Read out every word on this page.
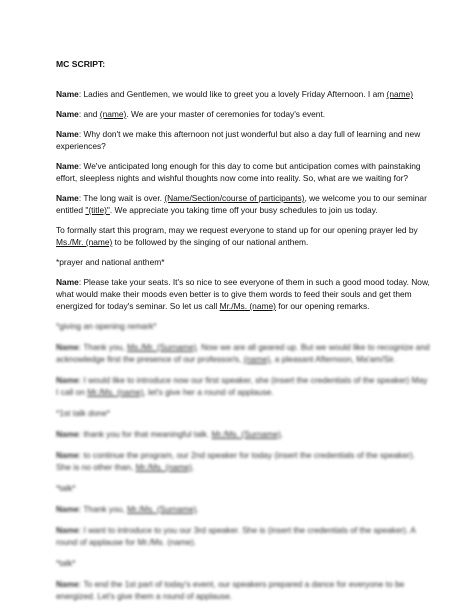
MC SCRIPT:
Name: Ladies and Gentlemen, we would like to greet you a lovely Friday Afternoon. I am (name)
Name: and (name). We are your master of ceremonies for today's event.
Name: Why don't we make this afternoon not just wonderful but also a day full of learning and new experiences?
Name: We've anticipated long enough for this day to come but anticipation comes with painstaking effort, sleepless nights and wishful thoughts now come into reality. So, what are we waiting for?
Name: The long wait is over. (Name/Section/course of participants), we welcome you to our seminar entitled "(title)". We appreciate you taking time off your busy schedules to join us today.
To formally start this program, may we request everyone to stand up for our opening prayer led by Ms./Mr. (name) to be followed by the singing of our national anthem.
*prayer and national anthem*
Name: Please take your seats. It's so nice to see everyone of them in such a good mood today. Now, what would make their moods even better is to give them words to feed their souls and get them energized for today's seminar. So let us call Mr./Ms. (name) for our opening remarks.
*giving an opening remark*
Name: Thank you, Ms./Mr. (Surname). Now we are all geared up. But we would like to recognize and acknowledge first the presence of our professor/s, (name), a pleasant Afternoon, Ma'am/Sir.
Name: I would like to introduce now our first speaker, she (insert the credentials of the speaker) May I call on Mr./Ms. (name), let's give her a round of applause.
*1st talk done*
Name: thank you for that meaningful talk. Mr./Ms. (Surname).
Name: to continue the program, our 2nd speaker for today (insert the credentials of the speaker). She is no other than, Mr./Ms. (name).
*talk*
Name: Thank you, Mr./Ms. (Surname).
Name: I want to introduce to you our 3rd speaker. She is (insert the credentials of the speaker). A round of applause for Mr./Ms. (name).
*talk*
Name: To end the 1st part of today's event, our speakers prepared a dance for everyone to be energized. Let's give them a round of applause.
